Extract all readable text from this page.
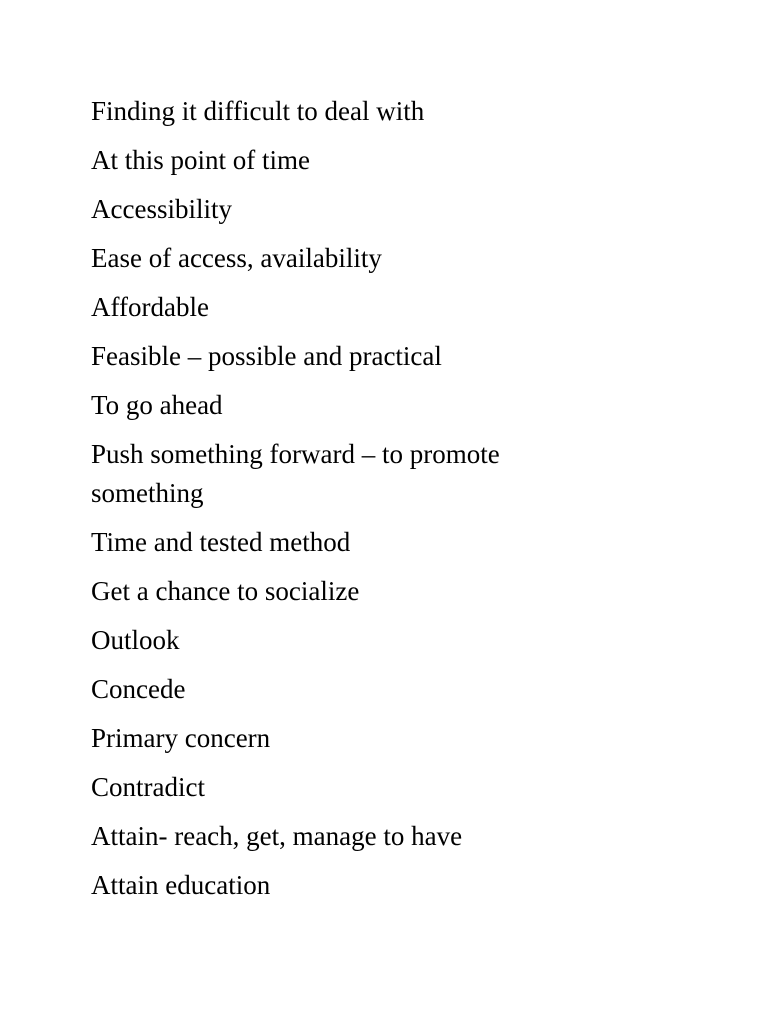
Finding it difficult to deal with
At this point of time
Accessibility
Ease of access, availability
Affordable
Feasible – possible and practical
To go ahead
Push something forward – to promote something
Time and tested method
Get a chance to socialize
Outlook
Concede
Primary concern
Contradict
Attain- reach, get, manage to have
Attain education
